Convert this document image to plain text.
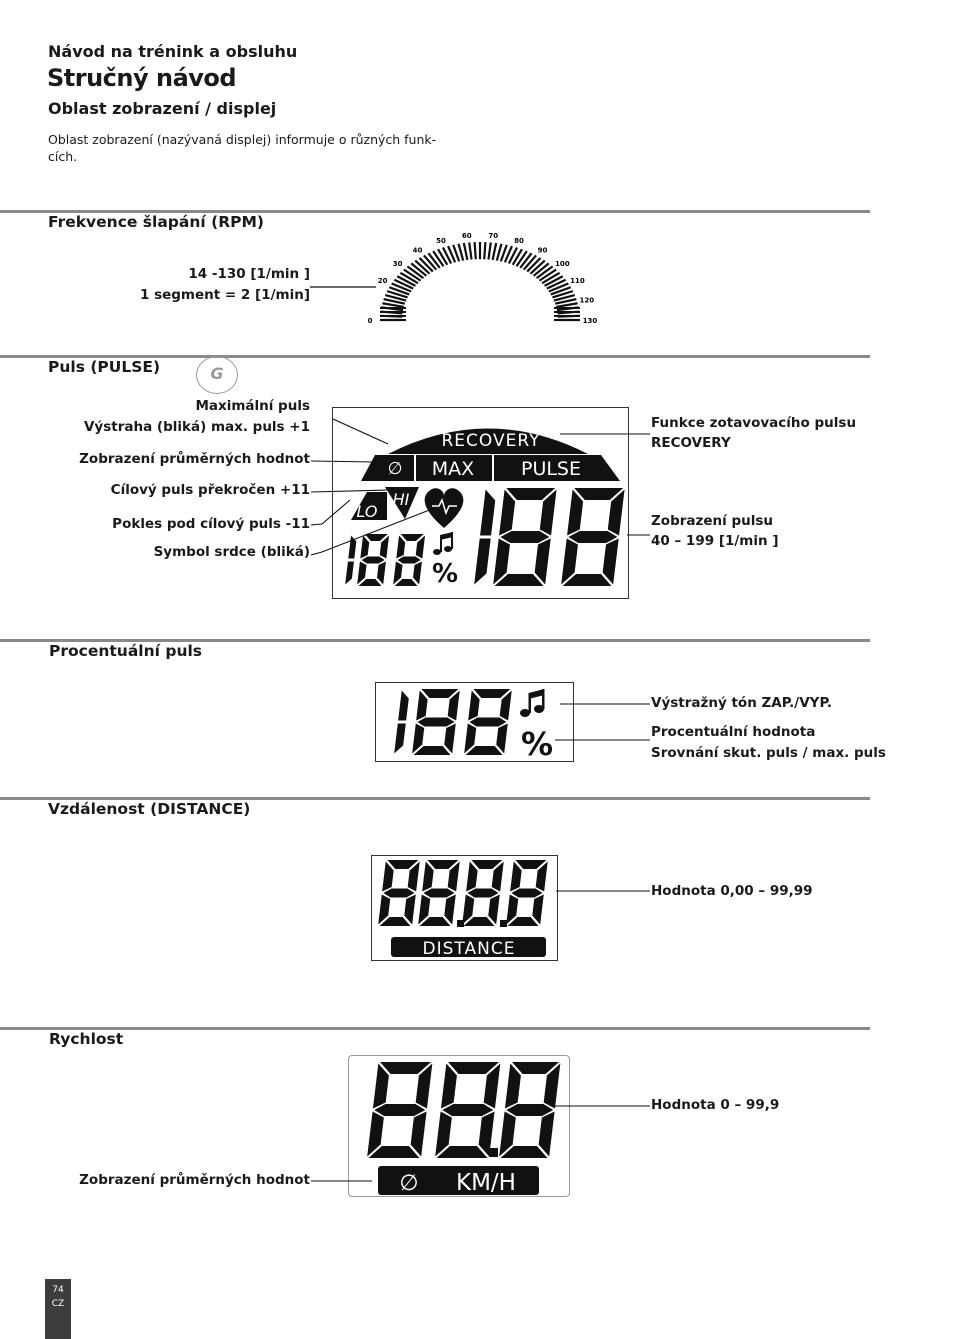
Návod na trénink a obsluhu
Stručný návod
Oblast zobrazení / displej
Oblast zobrazení (nazývaná displej) informuje o různých funk-
cích.
Frekvence šlapání (RPM)
14 -130 [1/min ]
1 segment = 2 [1/min]
0
20
30
40
50
60 70
80
90
100
110
120
130
Puls (PULSE)	G
Maximální puls
Výstraha (bliká) max. puls +1
Zobrazení průměrných hodnot
Cílový puls překročen +11
Pokles pod cílový puls -11
Symbol srdce (bliká)
Funkce zotavovacího pulsu
RECOVERY
Zobrazení pulsu
40 – 199 [1/min ]
RECOVERY
∅ MAX PULSE
LO
HI
%
Procentuální puls
%
Výstražný tón ZAP./VYP.
Procentuální hodnota
Srovnání skut. puls / max. puls
Vzdálenost (DISTANCE)
DISTANCE
Hodnota 0,00 – 99,99
Rychlost
∅ KM/H
Hodnota 0 – 99,9
Zobrazení průměrných hodnot
74
CZ
